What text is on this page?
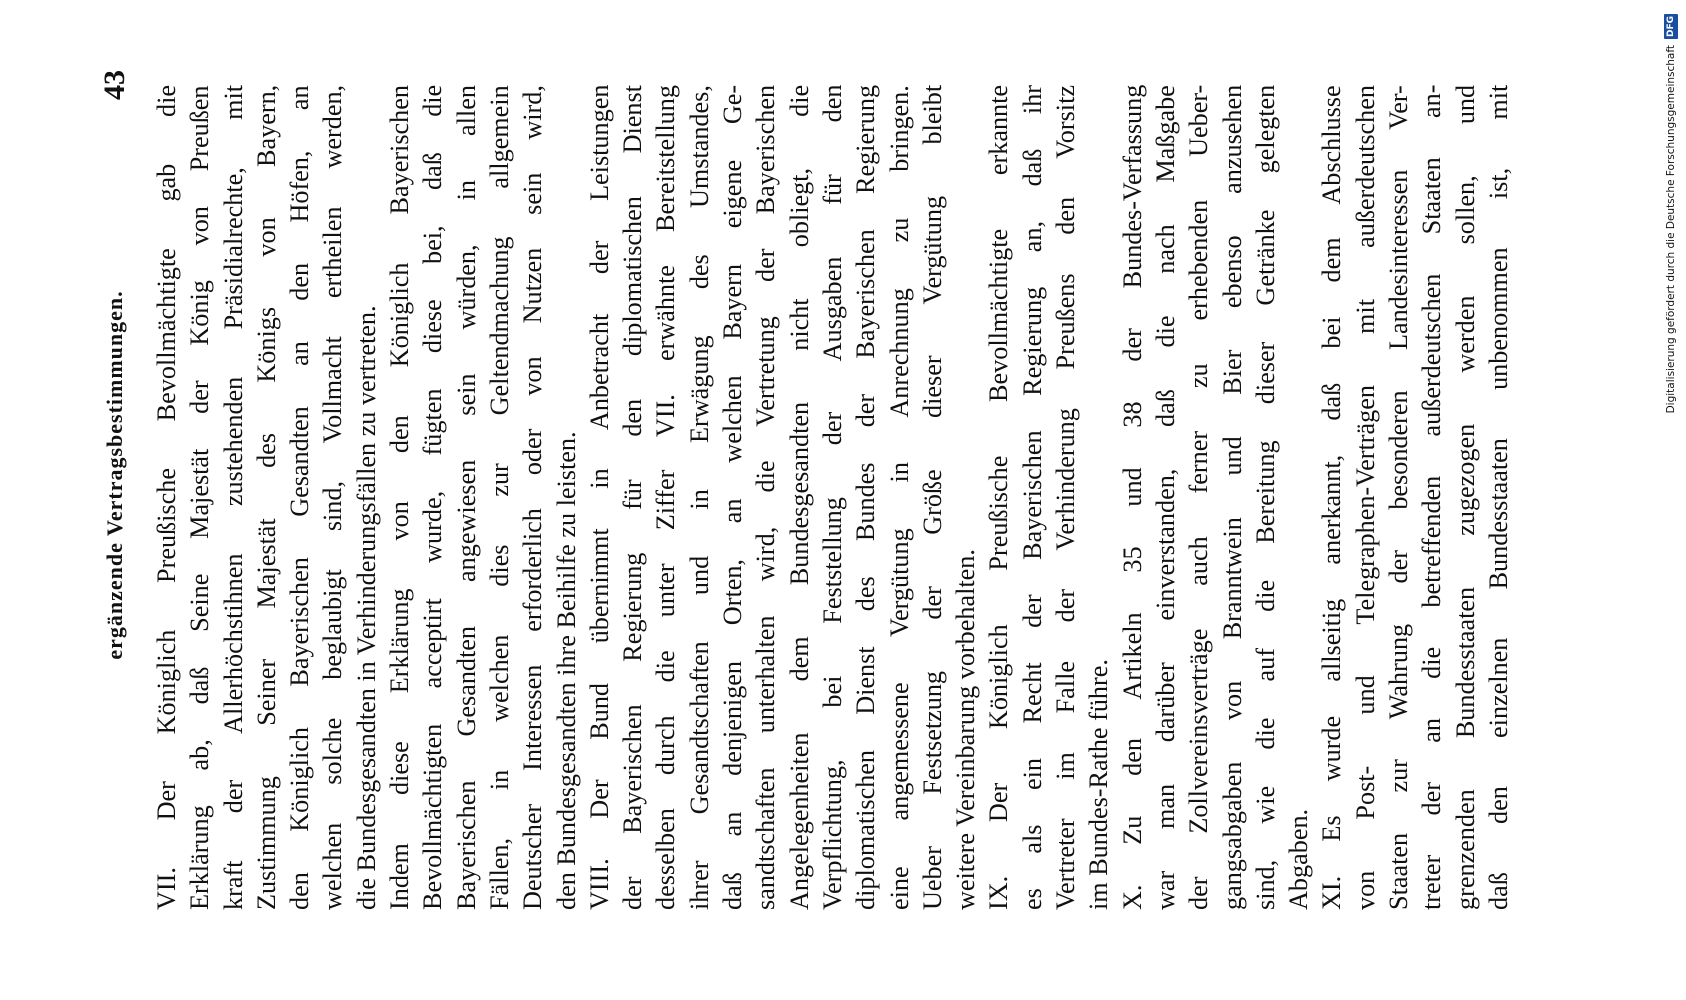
ergänzende Vertragsbestimmungen.
43
VII. Der Königlich Preußische Bevollmächtigte gab die Erklärung ab, daß Seine Majestät der König von Preußen kraft der Allerhöchstihnen zustehenden Präsidialrechte, mit Zustimmung Seiner Majestät des Königs von Bayern, den Königlich Bayerischen Gesandten an den Höfen, an welchen solche beglaubigt sind, Vollmacht ertheilen werden, die Bundesgesandten in Verhinderungsfällen zu vertreten. Indem diese Erklärung von den Königlich Bayerischen Bevollmächtigten acceptirt wurde, fügten diese bei, daß die Bayerischen Gesandten angewiesen sein würden, in allen Fällen, in welchen dies zur Geltendmachung allgemein Deutscher Interessen erforderlich oder von Nutzen sein wird, den Bundesgesandten ihre Beihilfe zu leisten. VIII. Der Bund übernimmt in Anbetracht der Leistungen der Bayerischen Regierung für den diplomatischen Dienst desselben durch die unter Ziffer VII. erwähnte Bereitstellung ihrer Gesandtschaften und in Erwägung des Umstandes, daß an denjenigen Orten, an welchen Bayern eigene Ge- sandtschaften unterhalten wird, die Vertretung der Bayerischen Angelegenheiten dem Bundesgesandten nicht obliegt, die Verpflichtung, bei Feststellung der Ausgaben für den diplomatischen Dienst des Bundes der Bayerischen Regierung eine angemessene Vergütung in Anrechnung zu bringen. Ueber Festsetzung der Größe dieser Vergütung bleibt weitere Vereinbarung vorbehalten. IX. Der Königlich Preußische Bevollmächtigte erkannte es als ein Recht der Bayerischen Regierung an, daß ihr Vertreter im Falle der Verhinderung Preußens den Vorsitz im Bundes-Rathe führe. X. Zu den Artikeln 35 und 38 der Bundes-Verfassung war man darüber einverstanden, daß die nach Maßgabe der Zollvereinsverträge auch ferner zu erhebenden Ueber- gangsabgaben von Branntwein und Bier ebenso anzusehen sind, wie die auf die Bereitung dieser Getränke gelegten Abgaben. XI. Es wurde allseitig anerkannt, daß bei dem Abschlusse von Post- und Telegraphen-Verträgen mit außerdeutschen Staaten zur Wahrung der besonderen Landesinteressen Ver- treter der an die betreffenden außerdeutschen Staaten an- grenzenden Bundesstaaten zugezogen werden sollen, und daß den einzelnen Bundesstaaten unbenommen ist, mit	Digitalisierung gefördert durch die Deutsche Forschungsgemeinschaft
DFG
